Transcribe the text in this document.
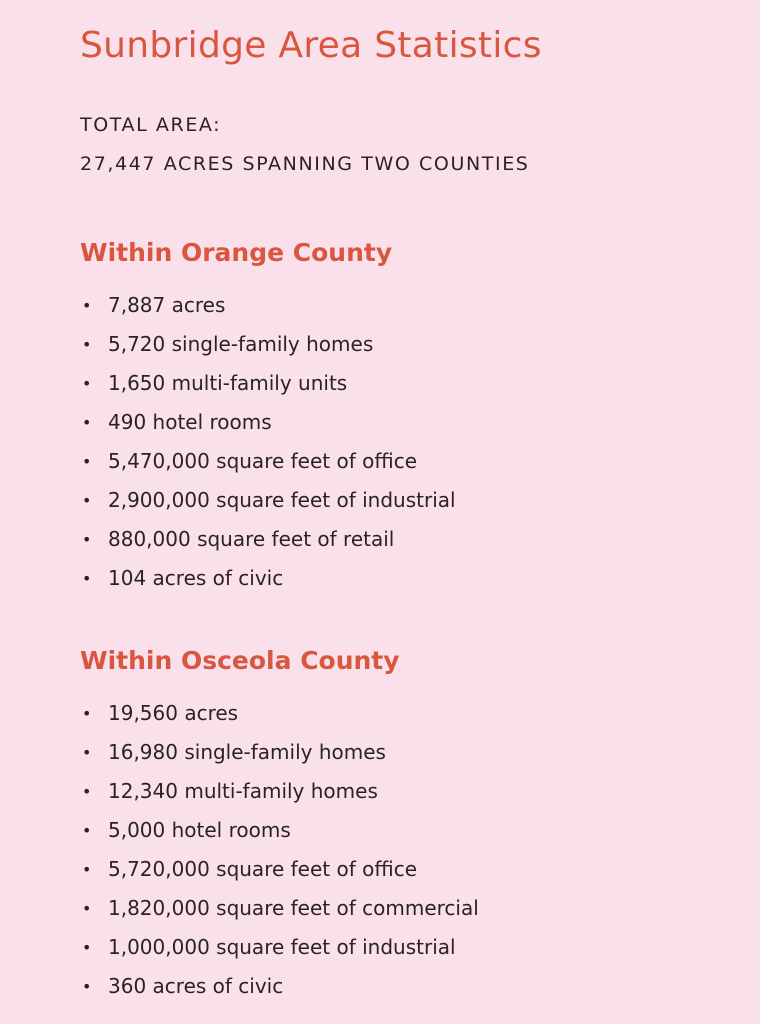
Sunbridge Area Statistics
TOTAL AREA:
27,447 ACRES SPANNING TWO COUNTIES
Within Orange County
• 7,887 acres
• 5,720 single-family homes
• 1,650 multi-family units
• 490 hotel rooms
• 5,470,000 square feet of office
• 2,900,000 square feet of industrial
• 880,000 square feet of retail
• 104 acres of civic
Within Osceola County
• 19,560 acres
• 16,980 single-family homes
• 12,340 multi-family homes
• 5,000 hotel rooms
• 5,720,000 square feet of office
• 1,820,000 square feet of commercial
• 1,000,000 square feet of industrial
• 360 acres of civic
